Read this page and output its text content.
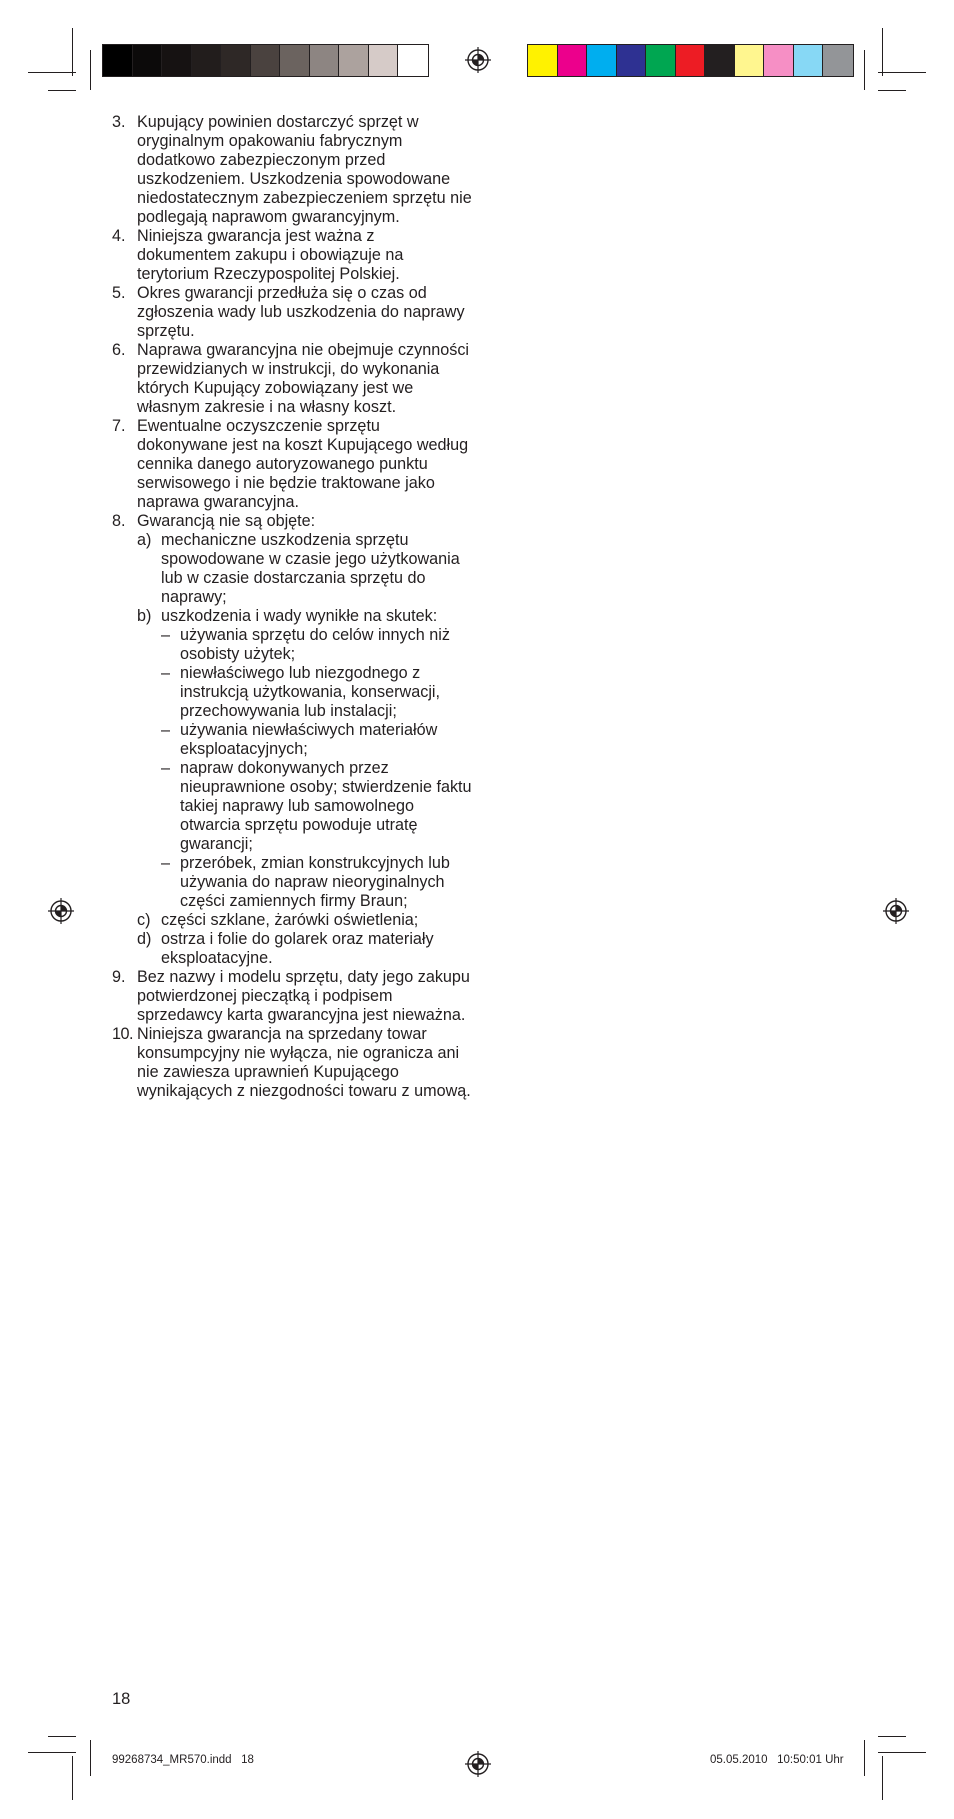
3. Kupujący powinien dostarczyć sprzęt w oryginalnym opakowaniu fabrycznym dodatkowo zabezpieczonym przed uszkodzeniem. Uszkodzenia spowodowane niedostatecznym zabezpieczeniem sprzętu nie podlegają naprawom gwarancyjnym.
4. Niniejsza gwarancja jest ważna z dokumentem zakupu i obowiązuje na terytorium Rzeczypospolitej Polskiej.
5. Okres gwarancji przedłuża się o czas od zgłoszenia wady lub uszkodzenia do naprawy sprzętu.
6. Naprawa gwarancyjna nie obejmuje czynności przewidzianych w instrukcji, do wykonania których Kupujący zobowiązany jest we własnym zakresie i na własny koszt.
7. Ewentualne oczyszczenie sprzętu dokonywane jest na koszt Kupującego według cennika danego autoryzowanego punktu serwisowego i nie będzie traktowane jako naprawa gwarancyjna.
8. Gwarancją nie są objęte:
a) mechaniczne uszkodzenia sprzętu spowodowane w czasie jego użytkowania lub w czasie dostarczania sprzętu do naprawy;
b) uszkodzenia i wady wynikłe na skutek:
– używania sprzętu do celów innych niż osobisty użytek;
– niewłaściwego lub niezgodnego z instrukcją użytkowania, konserwacji, przechowywania lub instalacji;
– używania niewłaściwych materiałów eksploatacyjnych;
– napraw dokonywanych przez nieuprawnione osoby; stwierdzenie faktu takiej naprawy lub samowolnego otwarcia sprzętu powoduje utratę gwarancji;
– przeróbek, zmian konstrukcyjnych lub używania do napraw nieoryginalnych części zamiennych firmy Braun;
c) części szklane, żarówki oświetlenia;
d) ostrza i folie do golarek oraz materiały eksploatacyjne.
9. Bez nazwy i modelu sprzętu, daty jego zakupu potwierdzonej pieczątką i podpisem sprzedawcy karta gwarancyjna jest nieważna.
10. Niniejsza gwarancja na sprzedany towar konsumpcyjny nie wyłącza, nie ogranicza ani nie zawiesza uprawnień Kupującego wynikających z niezgodności towaru z umową.
18
99268734_MR570.indd   18	05.05.2010   10:50:01 Uhr
